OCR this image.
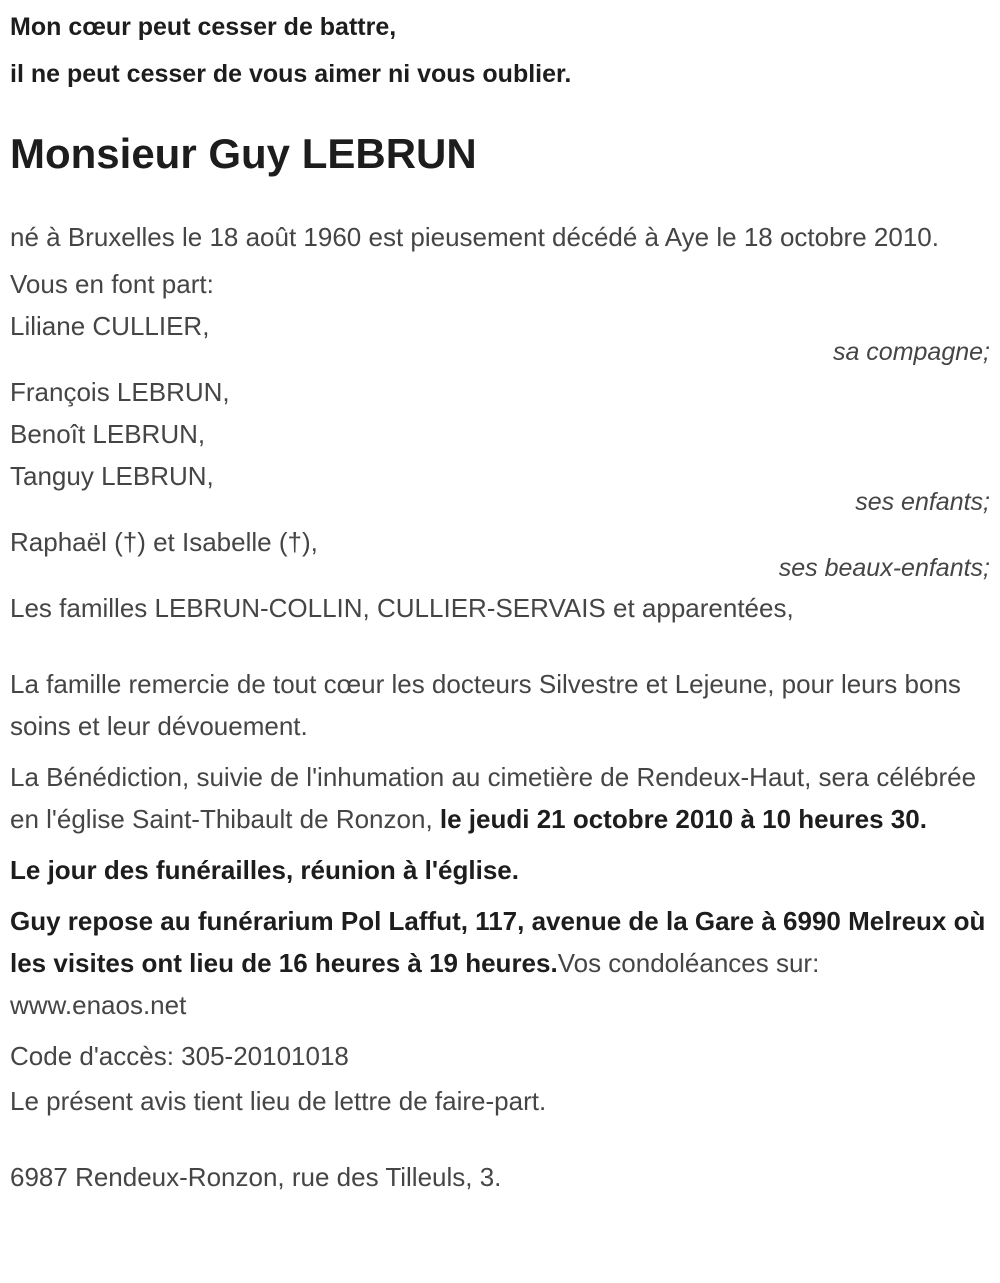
Mon cœur peut cesser de battre,

il ne peut cesser de vous aimer ni vous oublier.

Monsieur Guy LEBRUN

né à Bruxelles le 18 août 1960 est pieusement décédé à Aye le 18 octobre 2010.

Vous en font part:

Liliane CULLIER,

sa compagne;

François LEBRUN,

Benoît LEBRUN,

Tanguy LEBRUN,

ses enfants;

Raphaël (†) et Isabelle (†),

ses beaux-enfants;

Les familles LEBRUN-COLLIN, CULLIER-SERVAIS et apparentées,

La famille remercie de tout cœur les docteurs Silvestre et Lejeune, pour leurs bons soins et leur dévouement.

La Bénédiction, suivie de l'inhumation au cimetière de Rendeux-Haut, sera célébrée en l'église Saint-Thibault de Ronzon, le jeudi 21 octobre 2010 à 10 heures 30.

Le jour des funérailles, réunion à l'église.

Guy repose au funérarium Pol Laffut, 117, avenue de la Gare à 6990 Melreux où les visites ont lieu de 16 heures à 19 heures.Vos condoléances sur: www.enaos.net

Code d'accès: 305-20101018

Le présent avis tient lieu de lettre de faire-part.

6987 Rendeux-Ronzon, rue des Tilleuls, 3.
